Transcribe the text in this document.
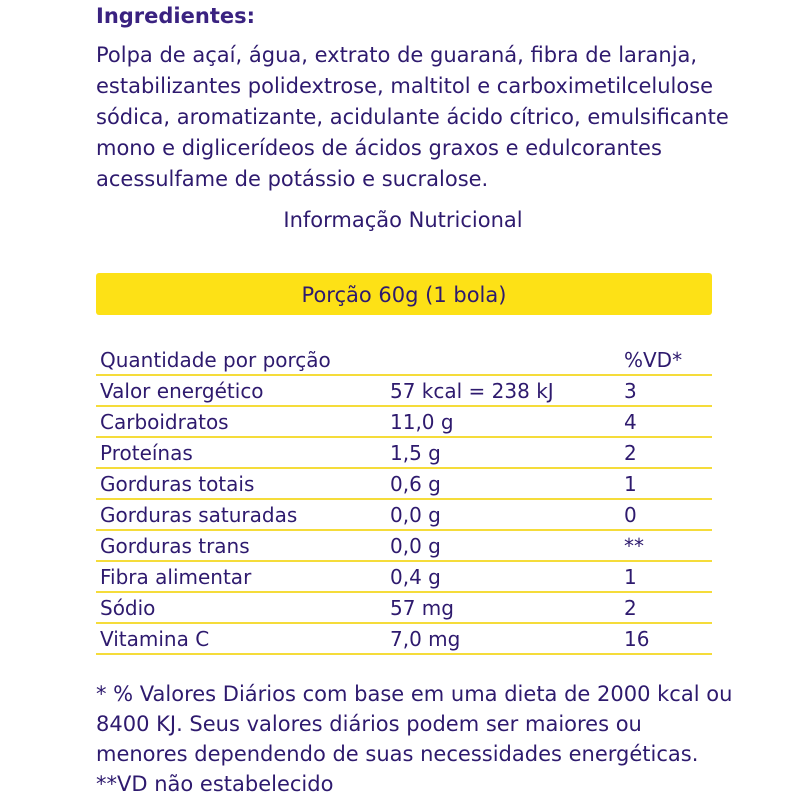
Ingredientes:
Polpa de açaí, água, extrato de guaraná, fibra de laranja,
estabilizantes polidextrose, maltitol e carboximetilcelulose
sódica, aromatizante, acidulante ácido cítrico, emulsificante
mono e diglicerídeos de ácidos graxos e edulcorantes
acessulfame de potássio e sucralose.
Informação Nutricional
Porção 60g (1 bola)
Quantidade por porção	%VD*
Valor energético	57 kcal = 238 kJ	3
Carboidratos	11,0 g	4
Proteínas	1,5 g	2
Gorduras totais	0,6 g	1
Gorduras saturadas	0,0 g	0
Gorduras trans	0,0 g	**
Fibra alimentar	0,4 g	1
Sódio	57 mg	2
Vitamina C	7,0 mg	16
* % Valores Diários com base em uma dieta de 2000 kcal ou
8400 KJ. Seus valores diários podem ser maiores ou
menores dependendo de suas necessidades energéticas.
**VD não estabelecido
